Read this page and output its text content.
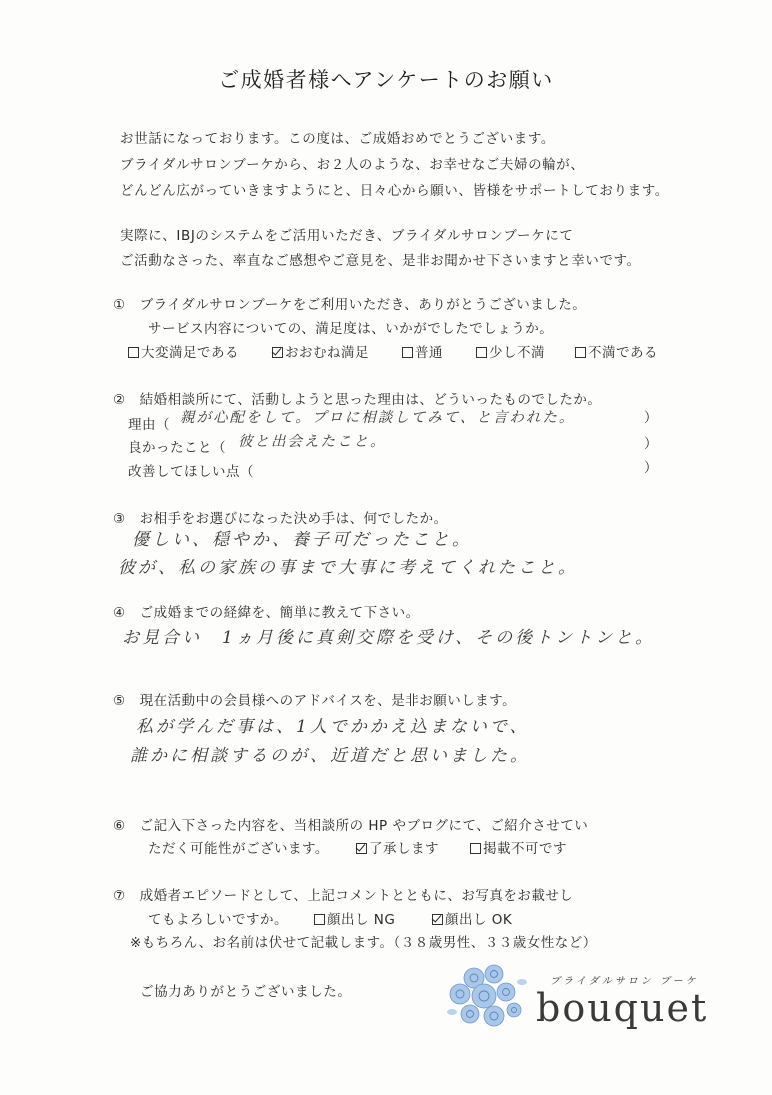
ご成婚者様へアンケートのお願い
お世話になっております。この度は、ご成婚おめでとうございます。
ブライダルサロンブーケから、お２人のような、お幸せなご夫婦の輪が、
どんどん広がっていきますようにと、日々心から願い、皆様をサポートしております。
実際に、IBJのシステムをご活用いただき、ブライダルサロンブーケにて
ご活動なさった、率直なご感想やご意見を、是非お聞かせ下さいますと幸いです。
①　ブライダルサロンブーケをご利用いただき、ありがとうございました。
サービス内容についての、満足度は、いかがでしたでしょうか。
大変満足である	おおむね満足	普通	少し不満	不満である
②　結婚相談所にて、活動しようと思った理由は、どういったものでしたか。
理由（ 親が心配をして。プロに相談してみて、と言われた。	）
良かったこと（ 彼と出会えたこと。	）
改善してほしい点（	）
③　お相手をお選びになった決め手は、何でしたか。
優しい、穏やか、養子可だったこと。
彼が、私の家族の事まで大事に考えてくれたこと。
④　ご成婚までの経緯を、簡単に教えて下さい。
お見合い　1ヵ月後に真剣交際を受け、その後トントンと。
⑤　現在活動中の会員様へのアドバイスを、是非お願いします。
私が学んだ事は、1人でかかえ込まないで、
誰かに相談するのが、近道だと思いました。
⑥　ご記入下さった内容を、当相談所の HP やブログにて、ご紹介させてい
ただく可能性がございます。	了承します	掲載不可です
⑦　成婚者エピソードとして、上記コメントとともに、お写真をお載せし
てもよろしいですか。	顔出し NG	顔出し OK
※もちろん、お名前は伏せて記載します。（３８歳男性、３３歳女性など）
ご協力ありがとうございました。
ブライダルサロン ブーケ
bouquet
